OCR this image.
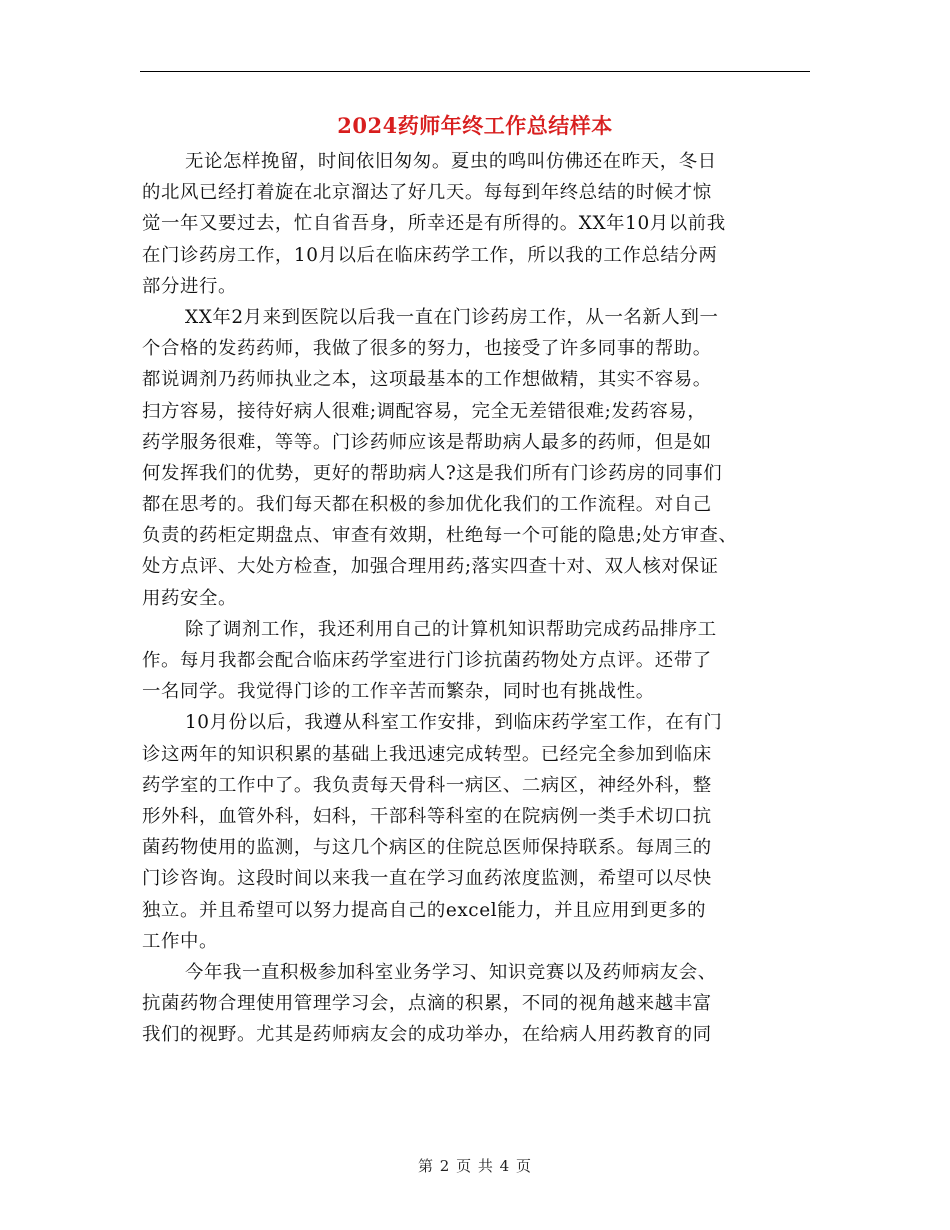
2024药师年终工作总结样本
无论怎样挽留，时间依旧匆匆。夏虫的鸣叫仿佛还在昨天，冬日
的北风已经打着旋在北京溜达了好几天。每每到年终总结的时候才惊
觉一年又要过去，忙自省吾身，所幸还是有所得的。XX年10月以前我
在门诊药房工作，10月以后在临床药学工作，所以我的工作总结分两
部分进行。
XX年2月来到医院以后我一直在门诊药房工作，从一名新人到一
个合格的发药药师，我做了很多的努力，也接受了许多同事的帮助。
都说调剂乃药师执业之本，这项最基本的工作想做精，其实不容易。
扫方容易，接待好病人很难;调配容易，完全无差错很难;发药容易，
药学服务很难，等等。门诊药师应该是帮助病人最多的药师，但是如
何发挥我们的优势，更好的帮助病人?这是我们所有门诊药房的同事们
都在思考的。我们每天都在积极的参加优化我们的工作流程。对自己
负责的药柜定期盘点、审查有效期，杜绝每一个可能的隐患;处方审查、
处方点评、大处方检查，加强合理用药;落实四查十对、双人核对保证
用药安全。
除了调剂工作，我还利用自己的计算机知识帮助完成药品排序工
作。每月我都会配合临床药学室进行门诊抗菌药物处方点评。还带了
一名同学。我觉得门诊的工作辛苦而繁杂，同时也有挑战性。
10月份以后，我遵从科室工作安排，到临床药学室工作，在有门
诊这两年的知识积累的基础上我迅速完成转型。已经完全参加到临床
药学室的工作中了。我负责每天骨科一病区、二病区，神经外科，整
形外科，血管外科，妇科，干部科等科室的在院病例一类手术切口抗
菌药物使用的监测，与这几个病区的住院总医师保持联系。每周三的
门诊咨询。这段时间以来我一直在学习血药浓度监测，希望可以尽快
独立。并且希望可以努力提高自己的excel能力，并且应用到更多的
工作中。
今年我一直积极参加科室业务学习、知识竞赛以及药师病友会、
抗菌药物合理使用管理学习会，点滴的积累，不同的视角越来越丰富
我们的视野。尤其是药师病友会的成功举办，在给病人用药教育的同
第 2 页 共 4 页
